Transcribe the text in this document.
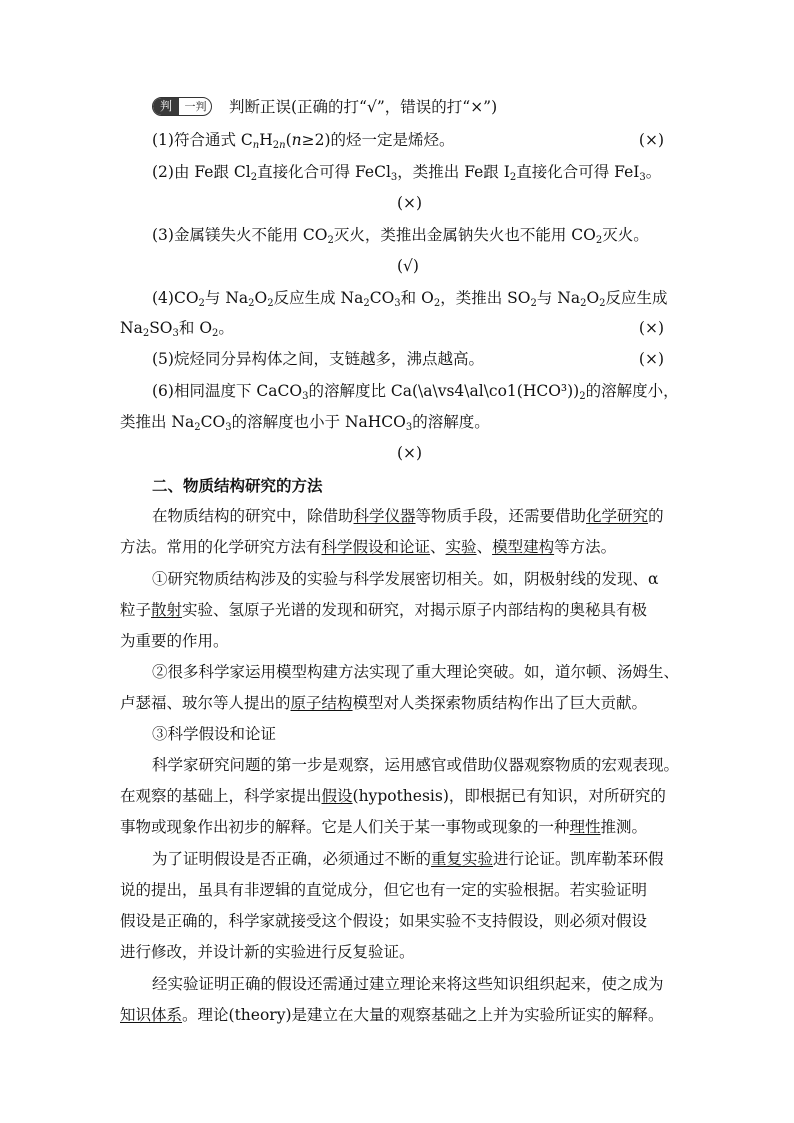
判	一判 判断正误(正确的打“√”，错误的打“×”)
(1)符合通式 $C_nH_{2n}(n\ge 2)$的烃一定是烯烃。	(×)
(2)由 Fe跟 $Cl_2$直接化合可得 FeCl$_3$，类推出 Fe跟 $I_2$直接化合可得 FeI$_3$。
(×)
(3)金属镁失火不能用 $CO_2$灭火，类推出金属钠失火也不能用 $CO_2$灭火。
(√)
$(4)CO_2$与 $Na_2O_2$反应生成 $Na_2CO_3$和 $O_2$，类推出 $SO_2$与 $Na_2O_2$反应生成
$Na_2SO_3$和 $O_2$。	(×)
(5)烷烃同分异构体之间，支链越多，沸点越高。	(×)
(6)相同温度下 CaCO$_3$的溶解度比 $Ca(\backslash a\backslash vs4\backslash al\backslash co1(HCO^3))_2$的溶解度小，
类推出 $Na_2CO_3$的溶解度也小于 NaHCO$_3$的溶解度。
(×)
二、物质结构研究的方法
在物质结构的研究中，除借助科学仪器等物质手段，还需要借助化学研究的
方法。常用的化学研究方法有科学假设和论证、实验、模型建构等方法。
①研究物质结构涉及的实验与科学发展密切相关。如，阴极射线的发现、α
粒子散射实验、氢原子光谱的发现和研究，对揭示原子内部结构的奥秘具有极
为重要的作用。
②很多科学家运用模型构建方法实现了重大理论突破。如，道尔顿、汤姆生、
卢瑟福、玻尔等人提出的原子结构模型对人类探索物质结构作出了巨大贡献。
③科学假设和论证
科学家研究问题的第一步是观察，运用感官或借助仪器观察物质的宏观表现。
在观察的基础上，科学家提出假设(hypothesis)，即根据已有知识，对所研究的
事物或现象作出初步的解释。它是人们关于某一事物或现象的一种理性推测。
为了证明假设是否正确，必须通过不断的重复实验进行论证。凯库勒苯环假
说的提出，虽具有非逻辑的直觉成分，但它也有一定的实验根据。若实验证明
假设是正确的，科学家就接受这个假设；如果实验不支持假设，则必须对假设
进行修改，并设计新的实验进行反复验证。
经实验证明正确的假设还需通过建立理论来将这些知识组织起来，使之成为
知识体系。理论(theory)是建立在大量的观察基础之上并为实验所证实的解释。
